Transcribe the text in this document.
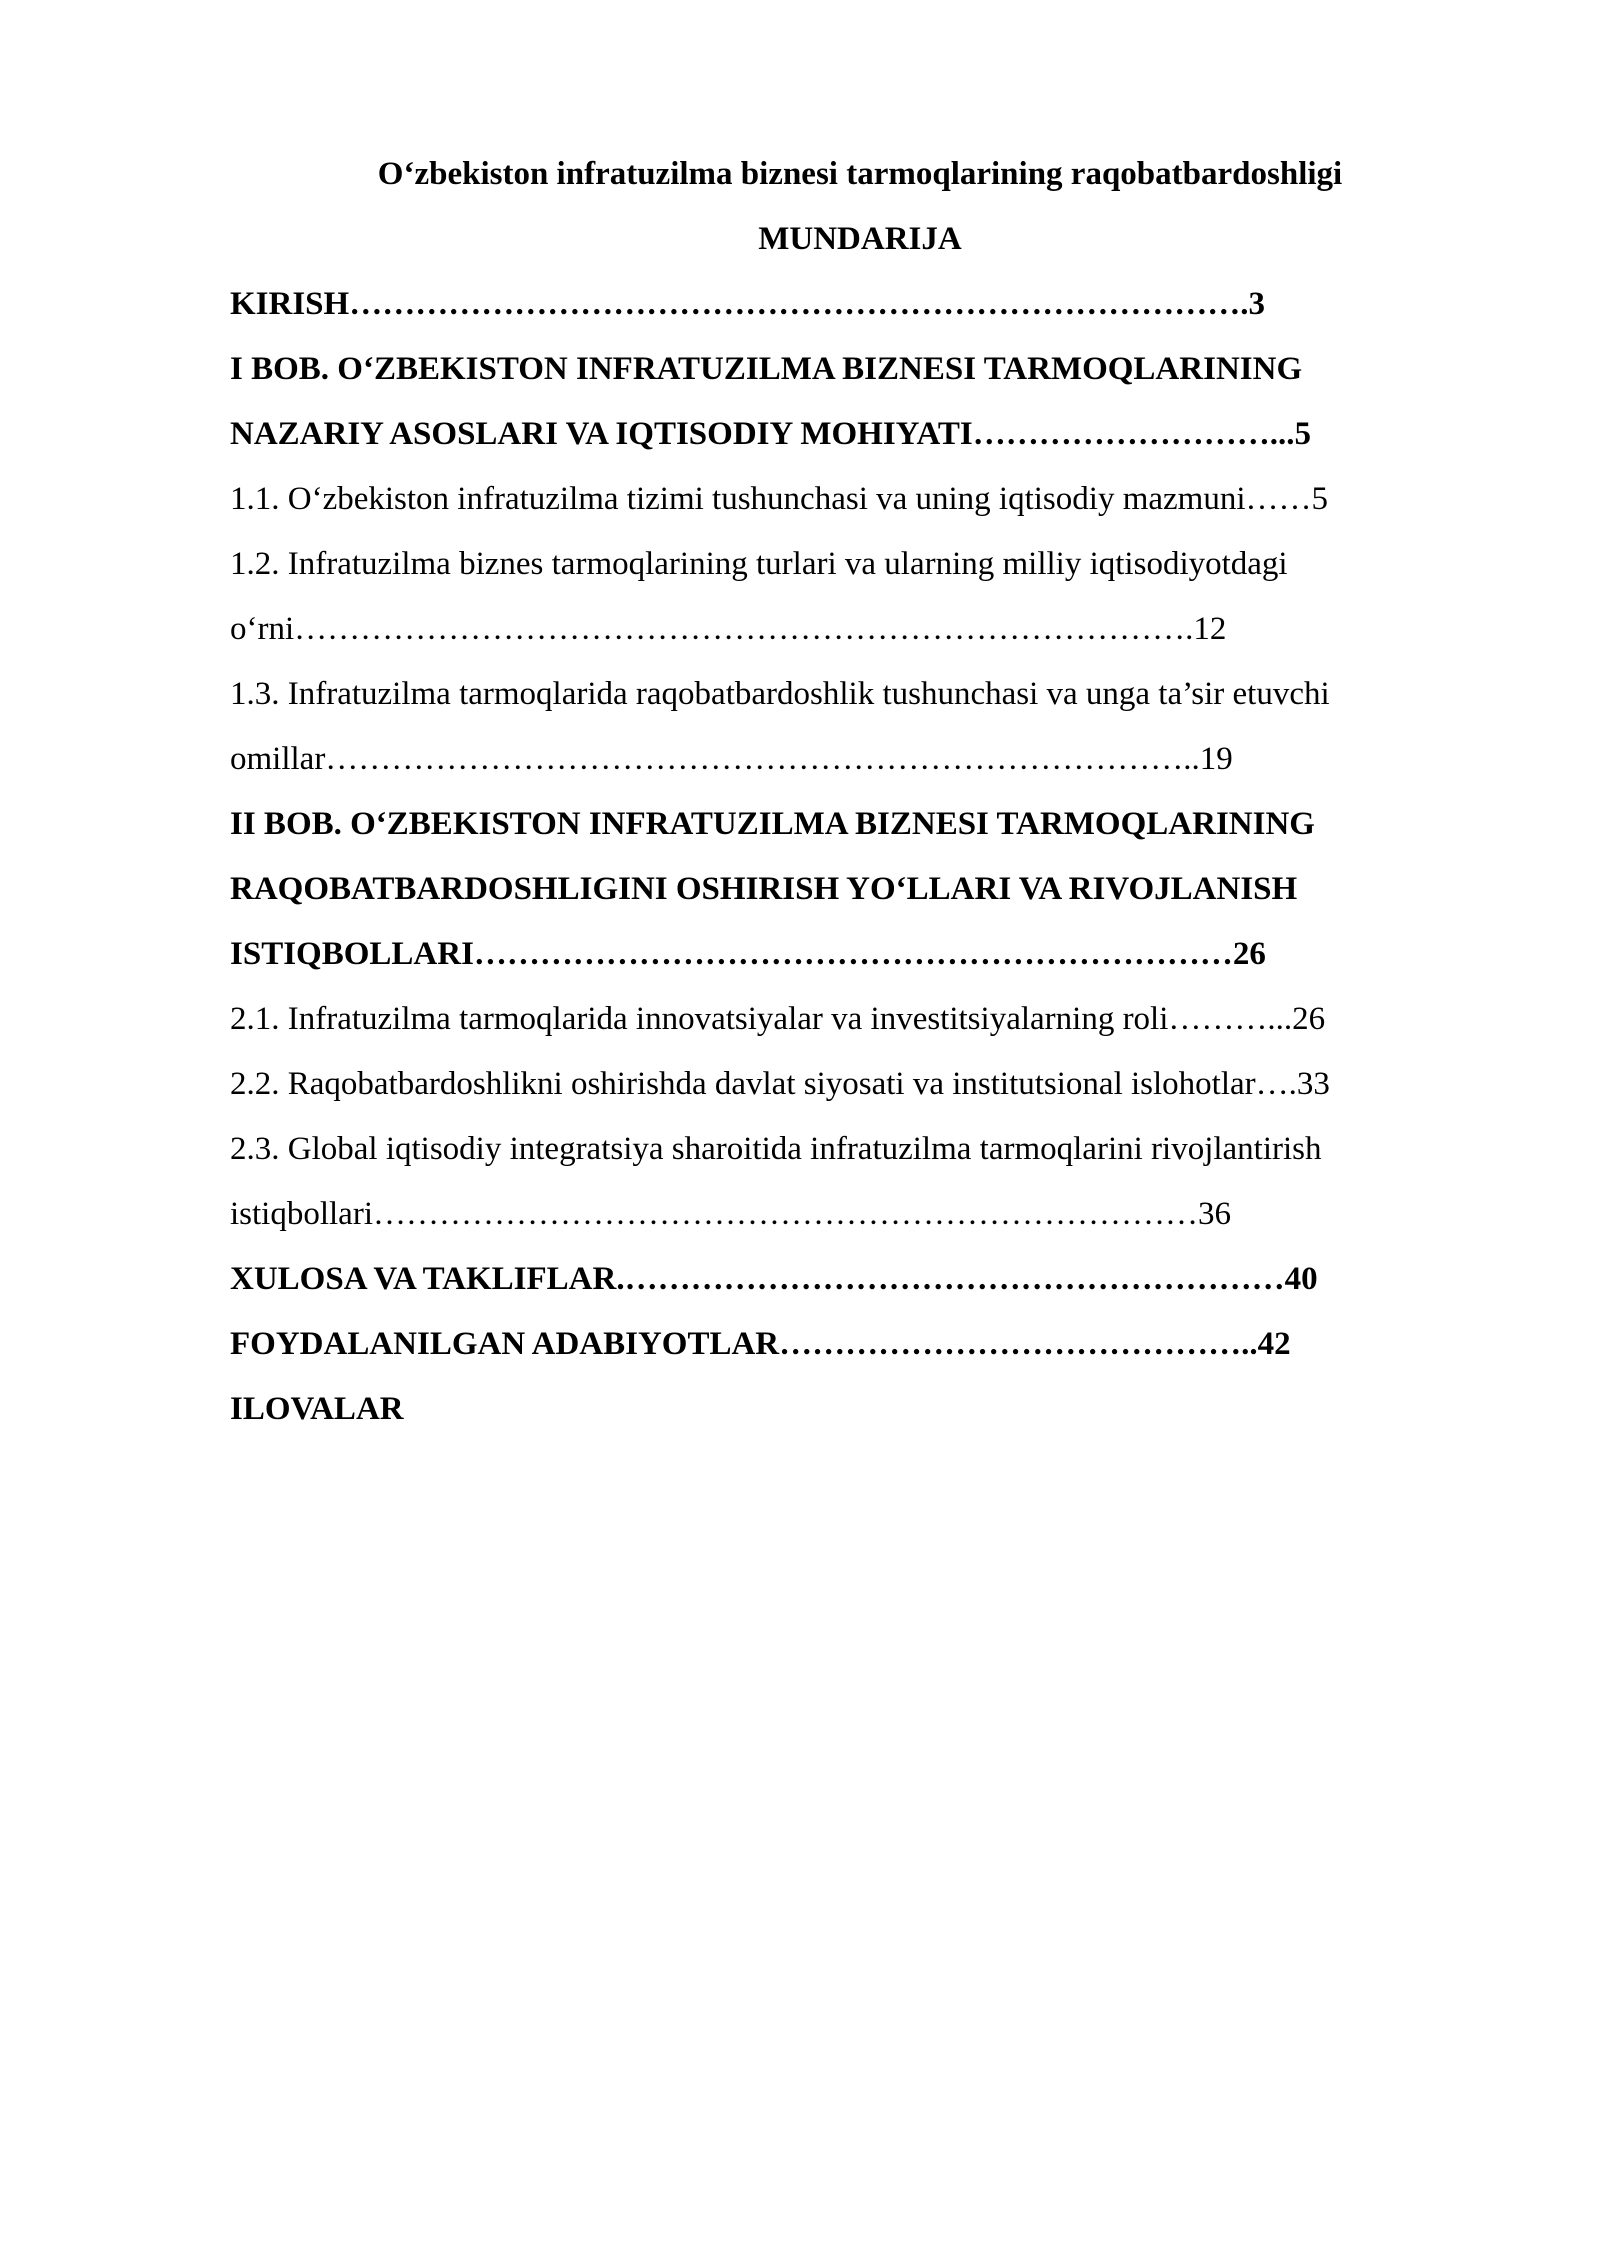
O‘zbekiston infratuzilma biznesi tarmoqlarining raqobatbardoshligi

MUNDARIJA

KIRISH……………………………………………………………………….3

I BOB. O‘ZBEKISTON INFRATUZILMA BIZNESI TARMOQLARINING

NAZARIY ASOSLARI VA IQTISODIY MOHIYATI………………………...5

1.1. O‘zbekiston infratuzilma tizimi tushunchasi va uning iqtisodiy mazmuni……5

1.2. Infratuzilma biznes tarmoqlarining turlari va ularning milliy iqtisodiyotdagi

o‘rni……………………………………………………………………….12

1.3. Infratuzilma tarmoqlarida raqobatbardoshlik tushunchasi va unga ta’sir etuvchi

omillar……………………………………………………………………..19

II BOB. O‘ZBEKISTON INFRATUZILMA BIZNESI TARMOQLARINING

RAQOBATBARDOSHLIGINI OSHIRISH YO‘LLARI VA RIVOJLANISH

ISTIQBOLLARI……………………………………………………………26

2.1. Infratuzilma tarmoqlarida innovatsiyalar va investitsiyalarning roli………...26

2.2. Raqobatbardoshlikni oshirishda davlat siyosati va institutsional islohotlar….33

2.3. Global iqtisodiy integratsiya sharoitida infratuzilma tarmoqlarini rivojlantirish

istiqbollari…………………………………………………………………36

XULOSA VA TAKLIFLAR.……………………………………………………40

FOYDALANILGAN ADABIYOTLAR……………………………………..42

ILOVALAR
